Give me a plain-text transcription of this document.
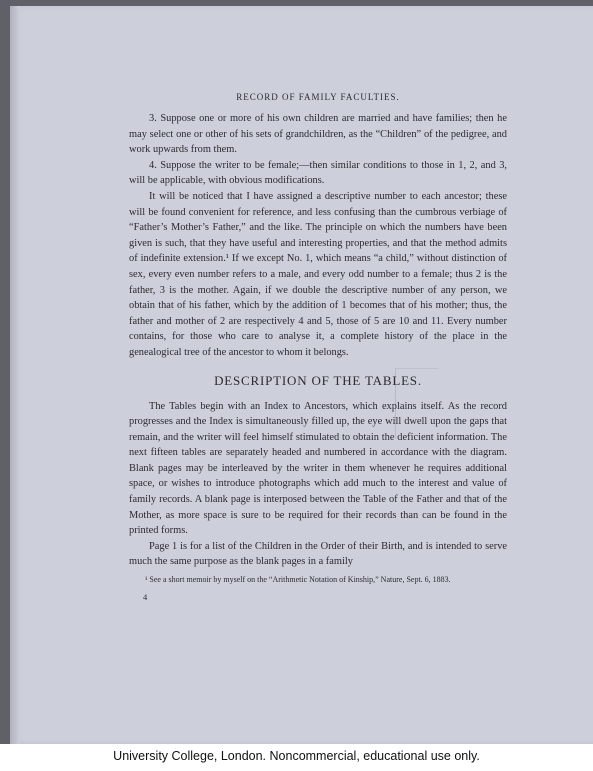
RECORD OF FAMILY FACULTIES.

3. Suppose one or more of his own children are married and have families; then he may select one or other of his sets of grandchildren, as the “Children” of the pedigree, and work upwards from them.

4. Suppose the writer to be female;—then similar conditions to those in 1, 2, and 3, will be applicable, with obvious modifications.

It will be noticed that I have assigned a descriptive number to each ancestor; these will be found convenient for reference, and less confusing than the cumbrous verbiage of “Father’s Mother’s Father,” and the like. The principle on which the numbers have been given is such, that they have useful and interesting properties, and that the method admits of indefinite extension.¹ If we except No. 1, which means “a child,” without distinction of sex, every even number refers to a male, and every odd number to a female; thus 2 is the father, 3 is the mother. Again, if we double the descriptive number of any person, we obtain that of his father, which by the addition of 1 becomes that of his mother; thus, the father and mother of 2 are respectively 4 and 5, those of 5 are 10 and 11. Every number contains, for those who care to analyse it, a complete history of the place in the genealogical tree of the ancestor to whom it belongs.

DESCRIPTION OF THE TABLES.

The Tables begin with an Index to Ancestors, which explains itself. As the record progresses and the Index is simultaneously filled up, the eye will dwell upon the gaps that remain, and the writer will feel himself stimulated to obtain the deficient information. The next fifteen tables are separately headed and numbered in accordance with the diagram. Blank pages may be interleaved by the writer in them whenever he requires additional space, or wishes to introduce photographs which add much to the interest and value of family records. A blank page is interposed between the Table of the Father and that of the Mother, as more space is sure to be required for their records than can be found in the printed forms.

Page 1 is for a list of the Children in the Order of their Birth, and is intended to serve much the same purpose as the blank pages in a family

¹ See a short memoir by myself on the “Arithmetic Notation of Kinship,” Nature, Sept. 6, 1883.

4
University College, London. Noncommercial, educational use only.
